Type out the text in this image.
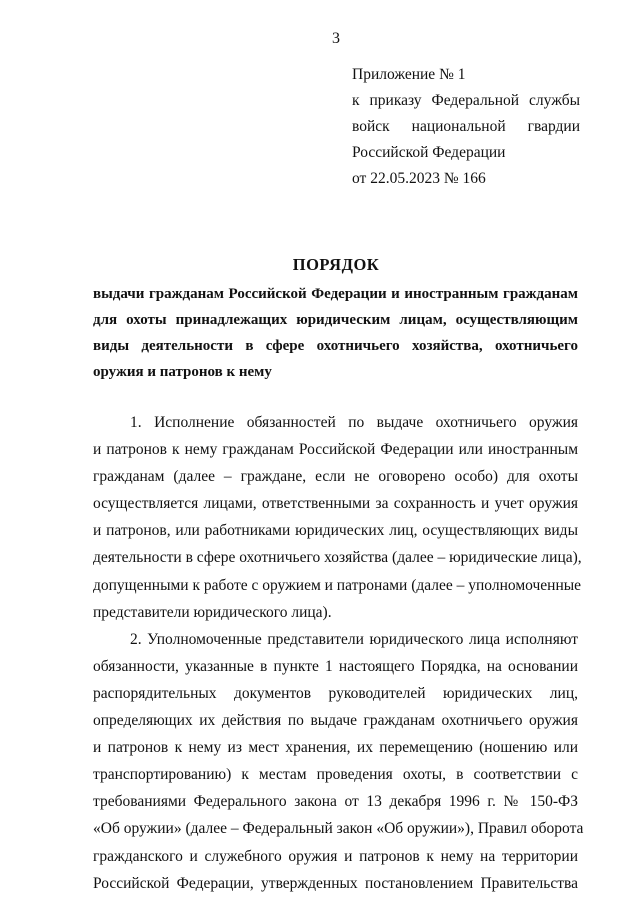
3
Приложение № 1
к приказу Федеральной службы
войск национальной гвардии
Российской Федерации
от 22.05.2023 № 166
ПОРЯДОК
выдачи гражданам Российской Федерации и иностранным гражданам
для охоты принадлежащих юридическим лицам, осуществляющим
виды деятельности в сфере охотничьего хозяйства, охотничьего
оружия и патронов к нему
1. Исполнение обязанностей по выдаче охотничьего оружия
и патронов к нему гражданам Российской Федерации или иностранным
гражданам (далее – граждане, если не оговорено особо) для охоты
осуществляется лицами, ответственными за сохранность и учет оружия
и патронов, или работниками юридических лиц, осуществляющих виды
деятельности в сфере охотничьего хозяйства (далее – юридические лица),
допущенными к работе с оружием и патронами (далее – уполномоченные
представители юридического лица).
2. Уполномоченные представители юридического лица исполняют
обязанности, указанные в пункте 1 настоящего Порядка, на основании
распорядительных документов руководителей юридических лиц,
определяющих их действия по выдаче гражданам охотничьего оружия
и патронов к нему из мест хранения, их перемещению (ношению или
транспортированию) к местам проведения охоты, в соответствии с
требованиями Федерального закона от 13 декабря 1996 г. № 150-ФЗ
«Об оружии» (далее – Федеральный закон «Об оружии»), Правил оборота
гражданского и служебного оружия и патронов к нему на территории
Российской Федерации, утвержденных постановлением Правительства
